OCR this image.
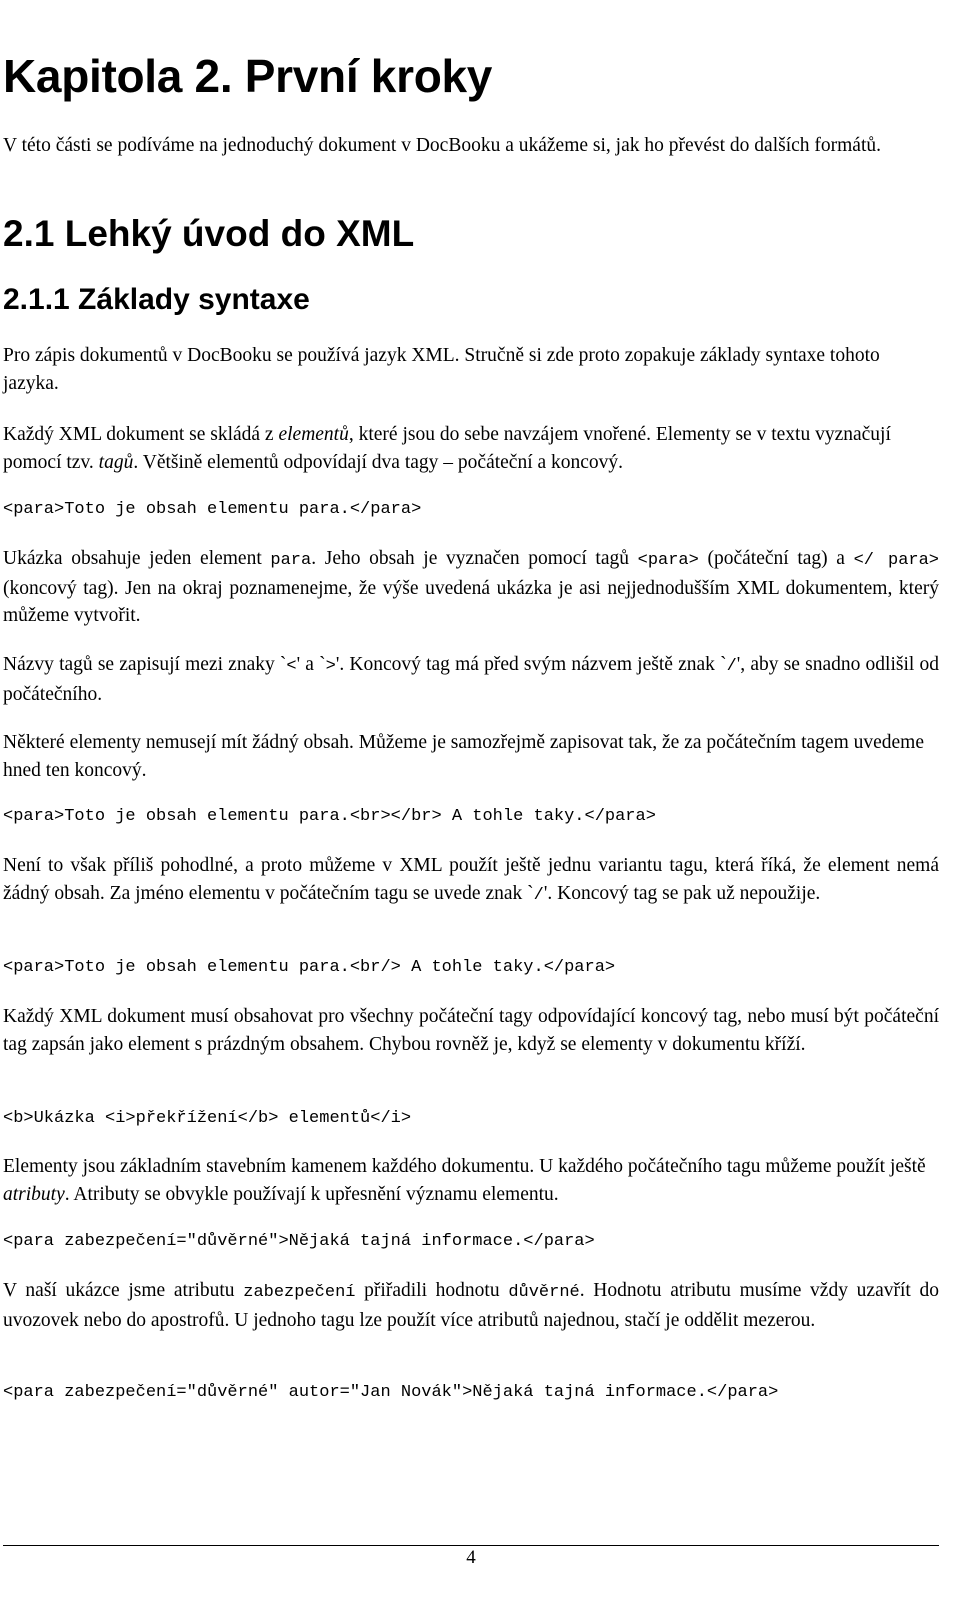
Kapitola 2. První kroky

V této části se podíváme na jednoduchý dokument v DocBooku a ukážeme si, jak ho převést do dalších formátů.

2.1 Lehký úvod do XML
2.1.1 Základy syntaxe

Pro zápis dokumentů v DocBooku se používá jazyk XML. Stručně si zde proto zopakuje základy syntaxe tohoto jazyka.

Každý XML dokument se skládá z elementů, které jsou do sebe navzájem vnořené. Elementy se v textu vyznačují pomocí tzv. tagů. Většině elementů odpovídají dva tagy – počáteční a koncový.

<para>Toto je obsah elementu para.</para>

Ukázka obsahuje jeden element para. Jeho obsah je vyznačen pomocí tagů <para> (počáteční tag) a </ para> (koncový tag). Jen na okraj poznamenejme, že výše uvedená ukázka je asi nejjednodušším XML dokumentem, který můžeme vytvořit.

Názvy tagů se zapisují mezi znaky `<' a `>'. Koncový tag má před svým názvem ještě znak `/', aby se snadno odlišil od počátečního.

Některé elementy nemusejí mít žádný obsah. Můžeme je samozřejmě zapisovat tak, že za počátečním tagem uvedeme hned ten koncový.

<para>Toto je obsah elementu para.<br></br> A tohle taky.</para>

Není to však příliš pohodlné, a proto můžeme v XML použít ještě jednu variantu tagu, která říká, že element nemá žádný obsah. Za jméno elementu v počátečním tagu se uvede znak `/'. Koncový tag se pak už nepoužije.

<para>Toto je obsah elementu para.<br/> A tohle taky.</para>

Každý XML dokument musí obsahovat pro všechny počáteční tagy odpovídající koncový tag, nebo musí být počáteční tag zapsán jako element s prázdným obsahem. Chybou rovněž je, když se elementy v dokumentu kříží.

<b>Ukázka <i>překřížení</b> elementů</i>

Elementy jsou základním stavebním kamenem každého dokumentu. U každého počátečního tagu můžeme použít ještě atributy. Atributy se obvykle používají k upřesnění významu elementu.

<para zabezpečení="důvěrné">Nějaká tajná informace.</para>

V naší ukázce jsme atributu zabezpečení přiřadili hodnotu důvěrné. Hodnotu atributu musíme vždy uzavřít do uvozovek nebo do apostrofů. U jednoho tagu lze použít více atributů najednou, stačí je oddělit mezerou.

<para zabezpečení="důvěrné" autor="Jan Novák">Nějaká tajná informace.</para>
4
